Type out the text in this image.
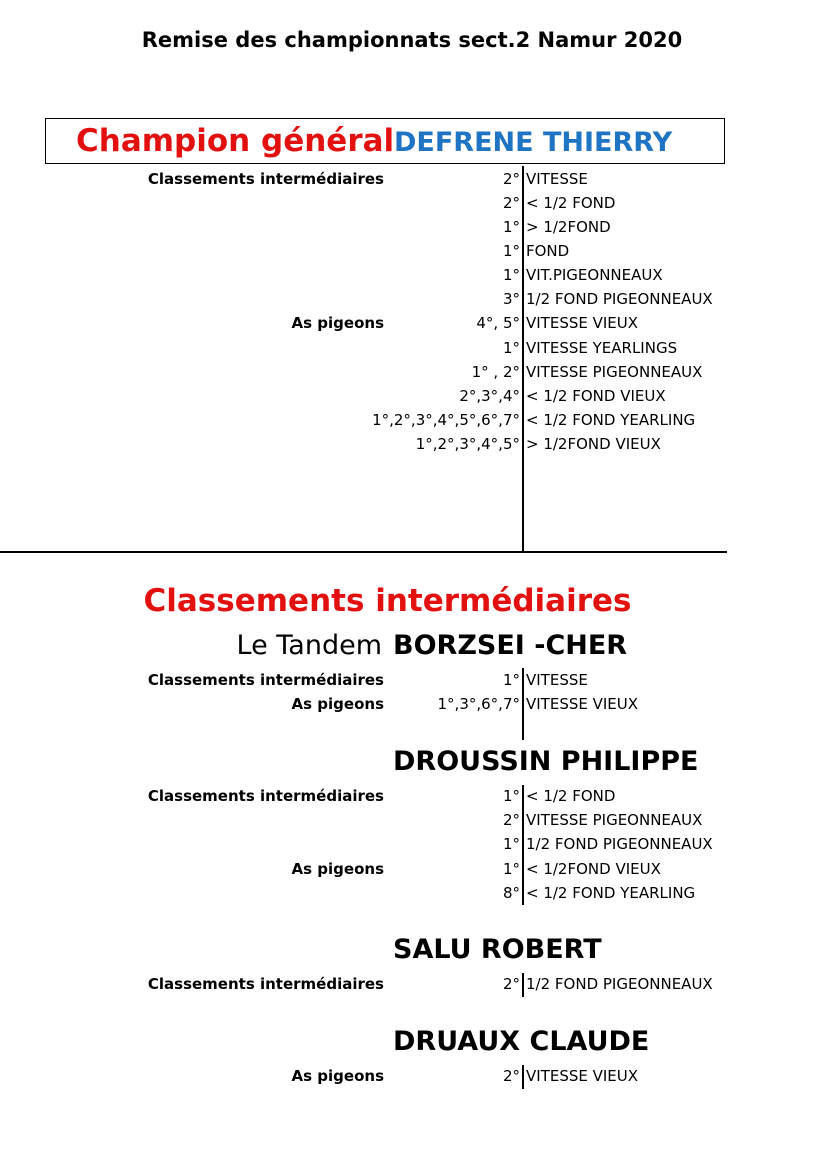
Remise des championnats sect.2 Namur 2020
Champion général DEFRENE THIERRY
Classements intermédiaires	2° VITESSE
2° < 1/2 FOND
1° > 1/2FOND
1° FOND
1° VIT.PIGEONNEAUX
3° 1/2 FOND PIGEONNEAUX
As pigeons	4°, 5° VITESSE VIEUX
1° VITESSE YEARLINGS
1° , 2° VITESSE PIGEONNEAUX
2°,3°,4° < 1/2 FOND VIEUX
1°,2°,3°,4°,5°,6°,7° < 1/2 FOND YEARLING
1°,2°,3°,4°,5° > 1/2FOND VIEUX
Classements intermédiaires
Le Tandem BORZSEI -CHER
Classements intermédiaires	1° VITESSE
As pigeons	1°,3°,6°,7° VITESSE VIEUX
DROUSSIN PHILIPPE
Classements intermédiaires	1° < 1/2 FOND
2° VITESSE PIGEONNEAUX
1° 1/2 FOND PIGEONNEAUX
As pigeons	1° < 1/2FOND VIEUX
8° < 1/2 FOND YEARLING
SALU ROBERT
Classements intermédiaires	2° 1/2 FOND PIGEONNEAUX
DRUAUX CLAUDE
As pigeons	2° VITESSE VIEUX
